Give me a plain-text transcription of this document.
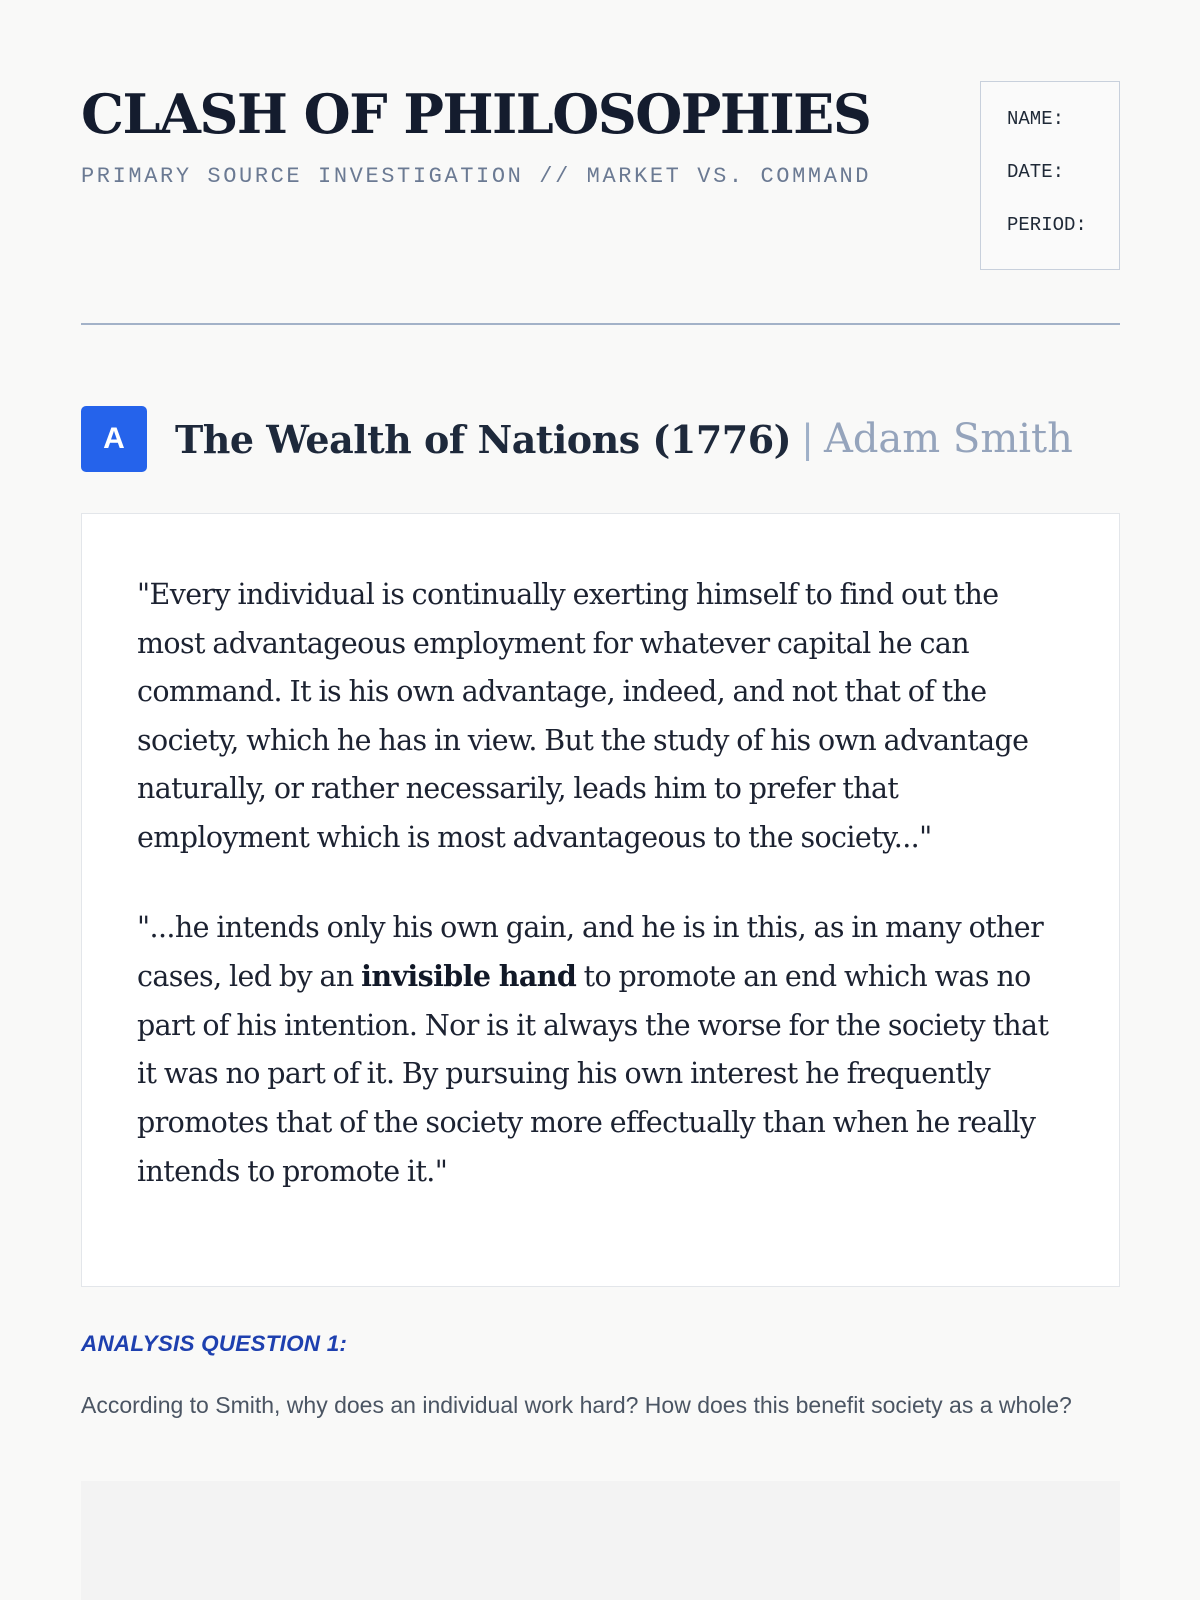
CLASH OF PHILOSOPHIES
PRIMARY SOURCE INVESTIGATION // MARKET VS. COMMAND
NAME:
DATE:
PERIOD:
A	The Wealth of Nations (1776) | Adam Smith

"Every individual is continually exerting himself to find out the most advantageous employment for whatever capital he can command. It is his own advantage, indeed, and not that of the society, which he has in view. But the study of his own advantage naturally, or rather necessarily, leads him to prefer that employment which is most advantageous to the society..."

"...he intends only his own gain, and he is in this, as in many other cases, led by an invisible hand to promote an end which was no part of his intention. Nor is it always the worse for the society that it was no part of it. By pursuing his own interest he frequently promotes that of the society more effectually than when he really intends to promote it."

ANALYSIS QUESTION 1:
According to Smith, why does an individual work hard? How does this benefit society as a whole?
